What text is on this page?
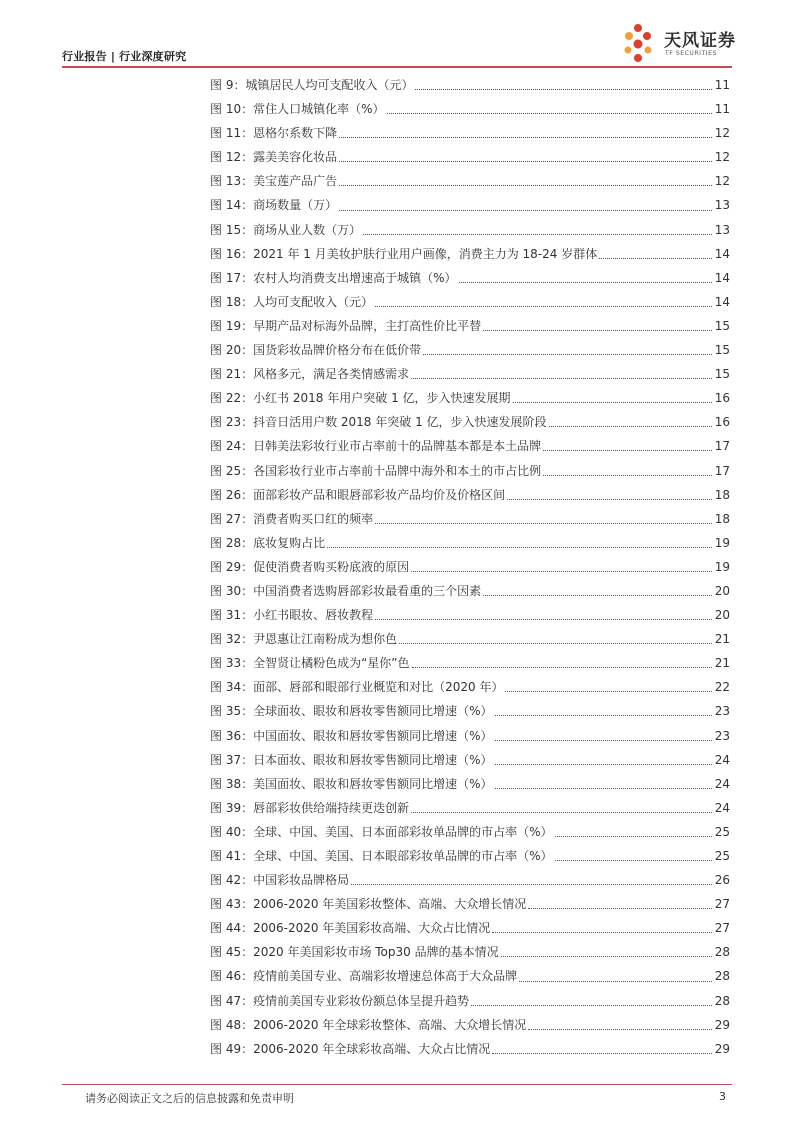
行业报告 | 行业深度研究
天风证券
TF SECURITIES
图 9：城镇居民人均可支配收入（元）	11
图 10：常住人口城镇化率（%）	11
图 11：恩格尔系数下降	12
图 12：露美美容化妆品	12
图 13：美宝莲产品广告	12
图 14：商场数量（万）	13
图 15：商场从业人数（万）	13
图 16：2021 年 1 月美妆护肤行业用户画像，消费主力为 18-24 岁群体	14
图 17：农村人均消费支出增速高于城镇（%）	14
图 18：人均可支配收入（元）	14
图 19：早期产品对标海外品牌，主打高性价比平替	15
图 20：国货彩妆品牌价格分布在低价带	15
图 21：风格多元，满足各类情感需求	15
图 22：小红书 2018 年用户突破 1 亿，步入快速发展期	16
图 23：抖音日活用户数 2018 年突破 1 亿，步入快速发展阶段	16
图 24：日韩美法彩妆行业市占率前十的品牌基本都是本土品牌	17
图 25：各国彩妆行业市占率前十品牌中海外和本土的市占比例	17
图 26：面部彩妆产品和眼唇部彩妆产品均价及价格区间	18
图 27：消费者购买口红的频率	18
图 28：底妆复购占比	19
图 29：促使消费者购买粉底液的原因	19
图 30：中国消费者选购唇部彩妆最看重的三个因素	20
图 31：小红书眼妆、唇妆教程	20
图 32：尹恩惠让江南粉成为想你色	21
图 33：全智贤让橘粉色成为“星你”色	21
图 34：面部、唇部和眼部行业概览和对比（2020 年）	22
图 35：全球面妆、眼妆和唇妆零售额同比增速（%）	23
图 36：中国面妆、眼妆和唇妆零售额同比增速（%）	23
图 37：日本面妆、眼妆和唇妆零售额同比增速（%）	24
图 38：美国面妆、眼妆和唇妆零售额同比增速（%）	24
图 39：唇部彩妆供给端持续更迭创新	24
图 40：全球、中国、美国、日本面部彩妆单品牌的市占率（%）	25
图 41：全球、中国、美国、日本眼部彩妆单品牌的市占率（%）	25
图 42：中国彩妆品牌格局	26
图 43：2006-2020 年美国彩妆整体、高端、大众增长情况	27
图 44：2006-2020 年美国彩妆高端、大众占比情况	27
图 45：2020 年美国彩妆市场 Top30 品牌的基本情况	28
图 46：疫情前美国专业、高端彩妆增速总体高于大众品牌	28
图 47：疫情前美国专业彩妆份额总体呈提升趋势	28
图 48：2006-2020 年全球彩妆整体、高端、大众增长情况	29
图 49：2006-2020 年全球彩妆高端、大众占比情况	29
请务必阅读正文之后的信息披露和免责申明	3
